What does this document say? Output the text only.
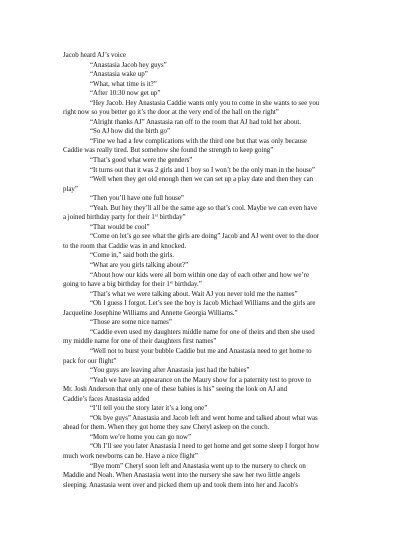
Jacob heard AJ’s voice
“Anastasia Jacob hey guys”
“Anastasia wake up”
“What, what time is it?”
“After 10:30 now get up”
“Hey Jacob. Hey Anastasia Caddie wants only you to come in she wants to see you
right now so you better go it’s the door at the very end of the hall on the right”
“Alright thanks AJ” Anastasia ran off to the room that AJ had told her about.
“So AJ how did the birth go”
“Fine we had a few complications with the third one but that was only because
Caddie was really tired. But somehow she found the strength to keep going”
“That’s good what were the genders”
“It turns out that it was 2 girls and 1 boy so I won’t be the only man in the house”
“Well when they get old enough then we can set up a play date and then they can
play”
“Then you’ll have one full house”
“Yeah. But hey they’ll all be the same age so that’s cool. Maybe we can even have
a joined birthday party for their 1st birthday”
“That would be cool”
“Come on let’s go see what the girls are doing” Jacob and AJ went over to the door
to the room that Caddie was in and knocked.
“Come in,” said both the girls.
“What are you girls talking about?”
“About how our kids were all born within one day of each other and how we’re
going to have a big birthday for their 1st birthday.”
“That’s what we were talking about. Wait AJ you never told me the names”
“Oh I guess I forgot. Let’s see the boy is Jacob Michael Williams and the girls are
Jacqueline Josephine Williams and Annette Georgia Williams.”
“Those are some nice names”
“Caddie even used my daughters middle name for one of theirs and then she used
my middle name for one of their daughters first names”
“Well not to burst your bubble Caddie but me and Anastasia need to get home to
pack for our flight”
“You guys are leaving after Anastasia just had the babies”
“Yeah we have an appearance on the Maury show for a paternity test to prove to
Mr. Josh Anderson that only one of these babies is his” seeing the look on AJ and
Caddie’s faces Anastasia added
“I’ll tell you the story later it’s a long one”
“Ok bye guys” Anastasia and Jacob left and went home and talked about what was
ahead for them. When they got home they saw Cheryl asleep on the couch.
“Mom we’re home you can go now”
“Oh I’ll see you later Anastasia I need to get home and get some sleep I forgot how
much work newborns can be. Have a nice flight”
“Bye mom” Cheryl soon left and Anastasia went up to the nursery to check on
Maddie and Noah. When Anastasia went into the nursery she saw her two little angels
sleeping. Anastasia went over and picked them up and took them into her and Jacob's
